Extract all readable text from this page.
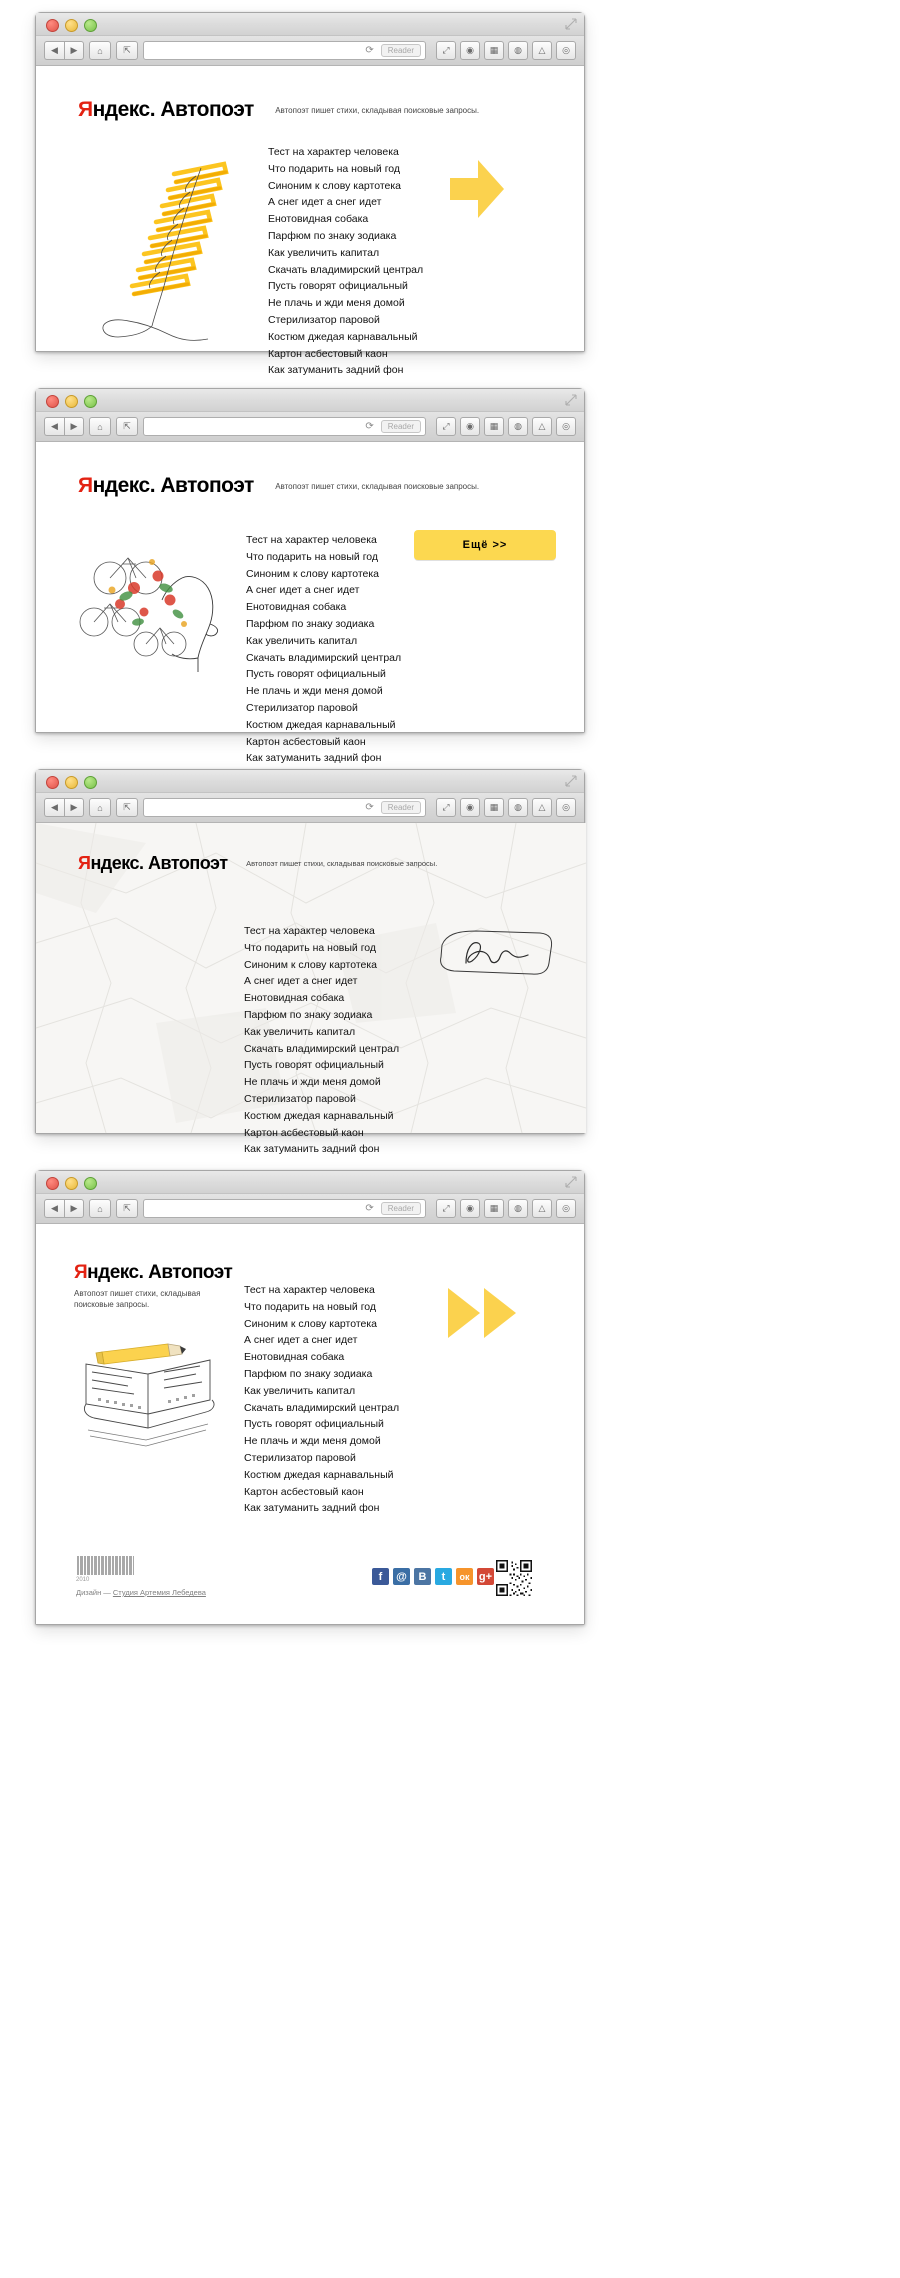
◀	▶	⌂	⇱	⟳	Reader	⤢	◉	▦	◍	△	◎
Яндекс. Автопоэт	Автопоэт пишет стихи, складывая поисковые запросы.
Тест на характер человека
Что подарить на новый год
Синоним к слову картотека
А снег идет а снег идет
Енотовидная собака
Парфюм по знаку зодиака
Как увеличить капитал
Скачать владимирский централ
Пусть говорят официальный
Не плачь и жди меня домой
Стерилизатор паровой
Костюм джедая карнавальный
Картон асбестовый каон
Как затуманить задний фон
◀	▶	⌂	⇱	⟳	Reader	⤢	◉	▦	◍	△	◎
Яндекс. Автопоэт	Автопоэт пишет стихи, складывая поисковые запросы.
Тест на характер человека
Что подарить на новый год
Синоним к слову картотека
А снег идет а снег идет
Енотовидная собака
Парфюм по знаку зодиака
Как увеличить капитал
Скачать владимирский централ
Пусть говорят официальный
Не плачь и жди меня домой
Стерилизатор паровой
Костюм джедая карнавальный
Картон асбестовый каон
Как затуманить задний фон
Ещё >>
◀	▶	⌂	⇱	⟳	Reader	⤢	◉	▦	◍	△	◎
Яндекс. Автопоэт Автопоэт пишет стихи, складывая поисковые запросы.
Тест на характер человека
Что подарить на новый год
Синоним к слову картотека
А снег идет а снег идет
Енотовидная собака
Парфюм по знаку зодиака
Как увеличить капитал
Скачать владимирский централ
Пусть говорят официальный
Не плачь и жди меня домой
Стерилизатор паровой
Костюм джедая карнавальный
Картон асбестовый каон
Как затуманить задний фон
◀	▶	⌂	⇱	⟳	Reader	⤢	◉	▦	◍	△	◎
Яндекс. Автопоэт
Автопоэт пишет стихи, складывая поисковые запросы.
Тест на характер человека
Что подарить на новый год
Синоним к слову картотека
А снег идет а снег идет
Енотовидная собака
Парфюм по знаку зодиака
Как увеличить капитал
Скачать владимирский централ
Пусть говорят официальный
Не плачь и жди меня домой
Стерилизатор паровой
Костюм джедая карнавальный
Картон асбестовый каон
Как затуманить задний фон
2010
Дизайн — Студия Артемия Лебедева
f	@	B	t	ок g+
